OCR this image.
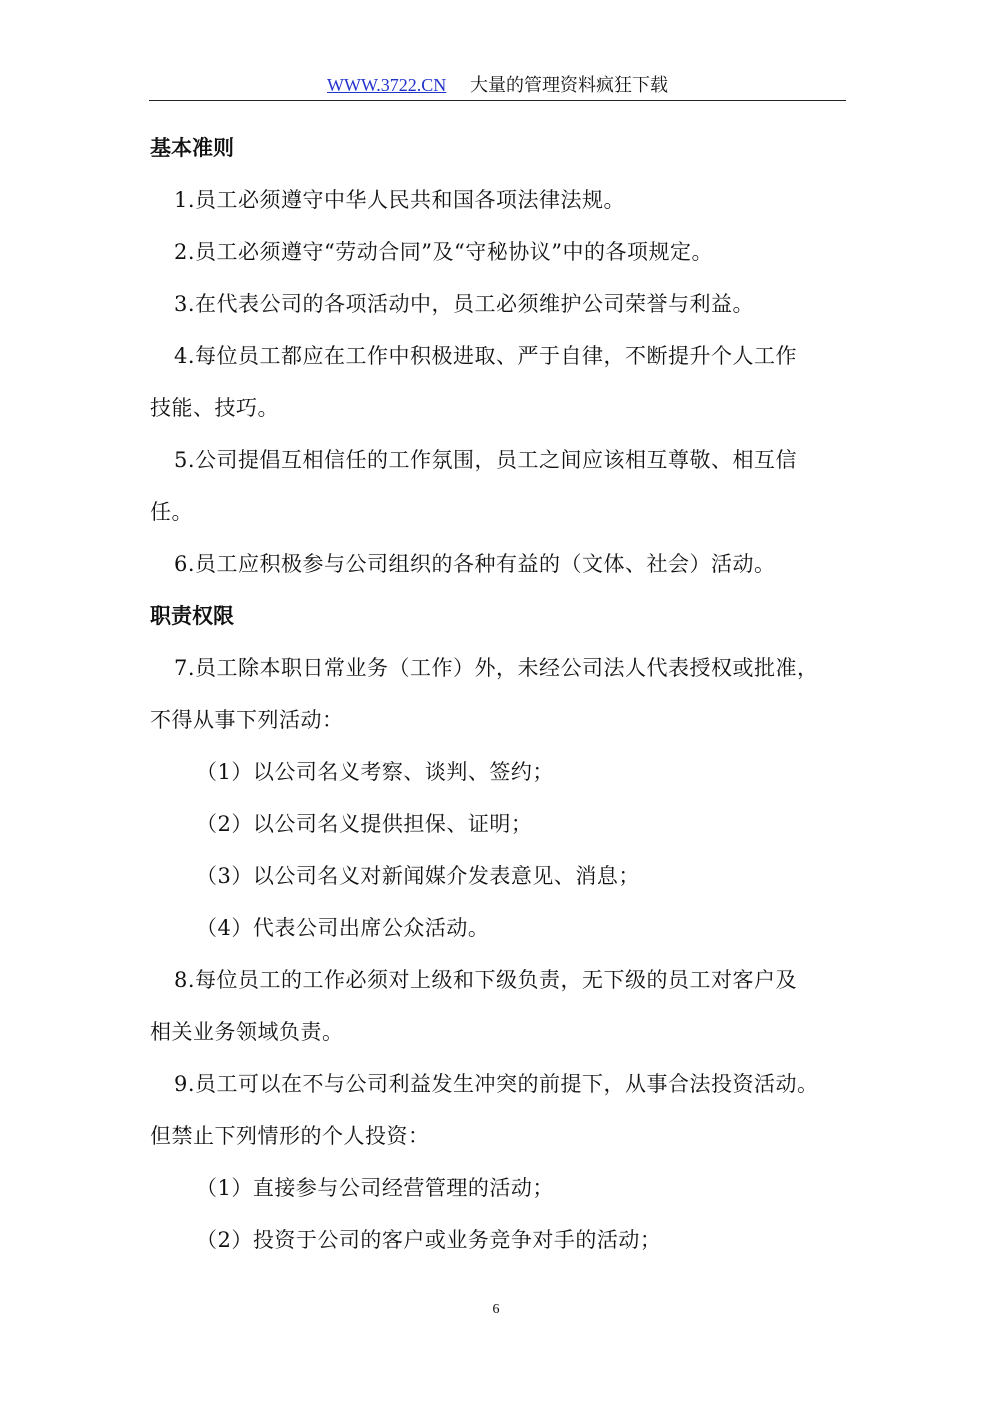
WWW.3722.CN 大量的管理资料疯狂下载
基本准则
1.员工必须遵守中华人民共和国各项法律法规。
2.员工必须遵守“劳动合同”及“守秘协议”中的各项规定。
3.在代表公司的各项活动中，员工必须维护公司荣誉与利益。
4.每位员工都应在工作中积极进取、严于自律，不断提升个人工作
技能、技巧。
5.公司提倡互相信任的工作氛围，员工之间应该相互尊敬、相互信
任。
6.员工应积极参与公司组织的各种有益的（文体、社会）活动。
职责权限
7.员工除本职日常业务（工作）外，未经公司法人代表授权或批准，
不得从事下列活动：
（1）以公司名义考察、谈判、签约；
（2）以公司名义提供担保、证明；
（3）以公司名义对新闻媒介发表意见、消息；
（4）代表公司出席公众活动。
8.每位员工的工作必须对上级和下级负责，无下级的员工对客户及
相关业务领域负责。
9.员工可以在不与公司利益发生冲突的前提下，从事合法投资活动。
但禁止下列情形的个人投资：
（1）直接参与公司经营管理的活动；
（2）投资于公司的客户或业务竞争对手的活动；
6
